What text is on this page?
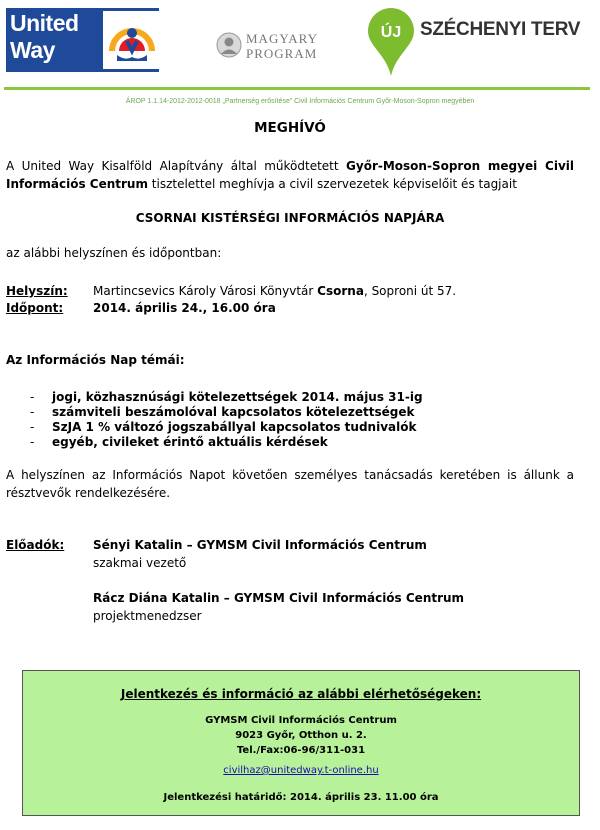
United
Way	MAGYARY
PROGRAM
ÚJ SZÉCHENYI TERV
ÁROP 1.1.14-2012-2012-0018 „Partnerség erősítése” Civil Információs Centrum Győr-Moson-Sopron megyében
MEGHÍVÓ
A United Way Kisalföld Alapítvány által működtetett Győr-Moson-Sopron megyei Civil Információs Centrum tisztelettel meghívja a civil szervezetek képviselőit és tagjait
CSORNAI KISTÉRSÉGI INFORMÁCIÓS NAPJÁRA
az alábbi helyszínen és időpontban:
Helyszín: Martincsevics Károly Városi Könyvtár Csorna, Soproni út 57.
Időpont: 2014. április 24., 16.00 óra
Az Információs Nap témái:
- jogi, közhasznúsági kötelezettségek 2014. május 31-ig
- számviteli beszámolóval kapcsolatos kötelezettségek
- SzJA 1 % változó jogszabállyal kapcsolatos tudnivalók
- egyéb, civileket érintő aktuális kérdések
A helyszínen az Információs Napot követően személyes tanácsadás keretében is állunk a résztvevők rendelkezésére.
Előadók: Sényi Katalin – GYMSM Civil Információs Centrum
szakmai vezető
Rácz Diána Katalin – GYMSM Civil Információs Centrum
projektmenedzser
Jelentkezés és információ az alábbi elérhetőségeken:
GYMSM Civil Információs Centrum
9023 Győr, Otthon u. 2.
Tel./Fax:06-96/311-031
civilhaz@unitedway.t-online.hu
Jelentkezési határidő: 2014. április 23. 11.00 óra
